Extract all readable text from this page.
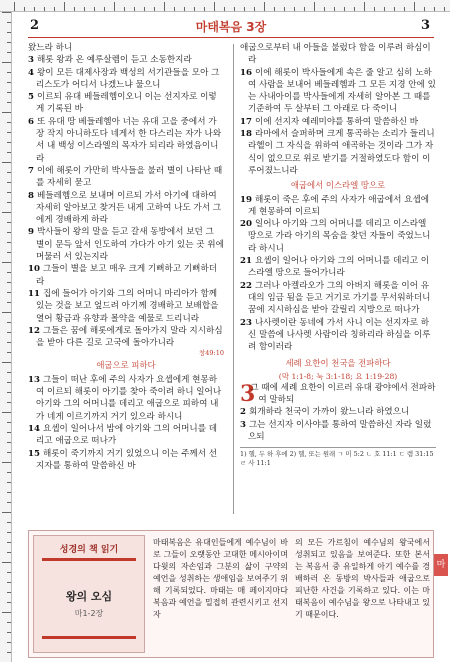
2	마태복음 3장	3
왔느라 하니
3 해롯 왕과 온 예루살렘이 듣고 소동한지라
4 왕이 모든 대제사장과 백성의 서기관들을 모아 그리스도가 어디서 나겠느냐 물으니
5 이르되 유대 베들레헴이오니 이는 선지자로 이렇게 기록된 바
6 또 유대 땅 베들레헴아 너는 유대 고을 중에서 가장 작지 아니하도다 네게서 한 다스리는 자가 나와서 내 백성 이스라엘의 목자가 되리라 하였음이니라
7 이에 해롯이 가만히 박사들을 불러 별이 나타난 때를 자세히 묻고
8 베들레헴으로 보내며 이르되 가서 아기에 대하여 자세히 알아보고 찾거든 내게 고하여 나도 가서 그에게 경배하게 하라
9 박사들이 왕의 말을 듣고 갈새 동방에서 보던 그 별이 문득 앞서 인도하여 가다가 아기 있는 곳 위에 머물러 서 있는지라
10 그들이 별을 보고 매우 크게 기뻐하고 기뻐하더라
11 집에 들어가 아기와 그의 어머니 마리아가 함께 있는 것을 보고 엎드려 아기께 경배하고 보배합을 열어 황금과 유향과 몰약을 예물로 드리니라
12 그들은 꿈에 해롯에게로 돌아가지 말라 지시하심을 받아 다른 길로 고국에 돌아가니라
창49:10
애굽으로 피하다
13 그들이 떠난 후에 주의 사자가 요셉에게 현몽하여 이르되 해롯이 아기를 찾아 죽이려 하니 일어나 아기와 그의 어머니를 데리고 애굽으로 피하여 내가 네게 이르기까지 거기 있으라 하시니
14 요셉이 일어나서 밤에 아기와 그의 어머니를 데리고 애굽으로 떠나가
15 해롯이 죽기까지 거기 있었으니 이는 주께서 선지자를 통하여 말씀하신 바
애굽으로부터 내 아들을 불렀다 함을 이루려 하심이라
16 이에 해롯이 박사들에게 속은 줄 알고 심히 노하여 사람을 보내어 베들레헴과 그 모든 지경 안에 있는 사내아이를 박사들에게 자세히 알아본 그 때를 기준하여 두 살부터 그 아래로 다 죽이니
17 이에 선지자 예레미야를 통하여 말씀하신 바
18 라마에서 슬퍼하며 크게 통곡하는 소리가 들리니 라헬이 그 자식을 위하여 애곡하는 것이라 그가 자식이 없으므로 위로 받기를 거절하였도다 함이 이루어졌느니라
애굽에서 이스라엘 땅으로
19 해롯이 죽은 후에 주의 사자가 애굽에서 요셉에게 현몽하여 이르되
20 일어나 아기와 그의 어머니를 데리고 이스라엘 땅으로 가라 아기의 목숨을 찾던 자들이 죽었느니라 하시니
21 요셉이 일어나 아기와 그의 어머니를 데리고 이스라엘 땅으로 들어가니라
22 그러나 아켈라오가 그의 아버지 해롯을 이어 유대의 임금 됨을 듣고 거기로 가기를 무서워하더니 꿈에 지시하심을 받아 갈릴리 지방으로 떠나가
23 나사렛이란 동네에 가서 사니 이는 선지자로 하신 말씀에 나사렛 사람이라 칭하리라 하심을 이루려 함이러라
세례 요한이 천국을 전파하다
(막 1:1-8; 눅 3:1-18; 요 1:19-28)
3
그 때에 세례 요한이 이르러 유대 광야에서 전파하여 말하되
2 회개하라 천국이 가까이 왔느니라 하였으니
3 그는 선지자 이사야를 통하여 말씀하신 자라 일렀으되
1) 헬, 두 하 후에 2) 헬, 또는 원래 ㄱ 미 5:2 ㄴ 호 11:1 ㄷ 렘 31:15 ㄹ 사 11:1
마
성경의 책 읽기
왕의 오심
마1-2장
마태복음은 유대인들에게 예수님이 바로 그들이 오랫동안 고대한 메시아이며 다윗의 자손임과 그분의 삶이 구약의 예언을 성취하는 생애임을 보여주기 위해 기록되었다. 마태는 매 페이지마다 복음과 예언을 밀접히 관련시키고 선지자
의 모든 가르침이 예수님의 왕국에서 성취되고 있음을 보여준다. 또한 본서는 복음서 중 유일하게 아기 예수를 경배하러 온 동방의 박사들과 애굽으로 피난한 사건을 기록하고 있다. 이는 마태복음이 예수님을 왕으로 나타내고 있기 때문이다.
